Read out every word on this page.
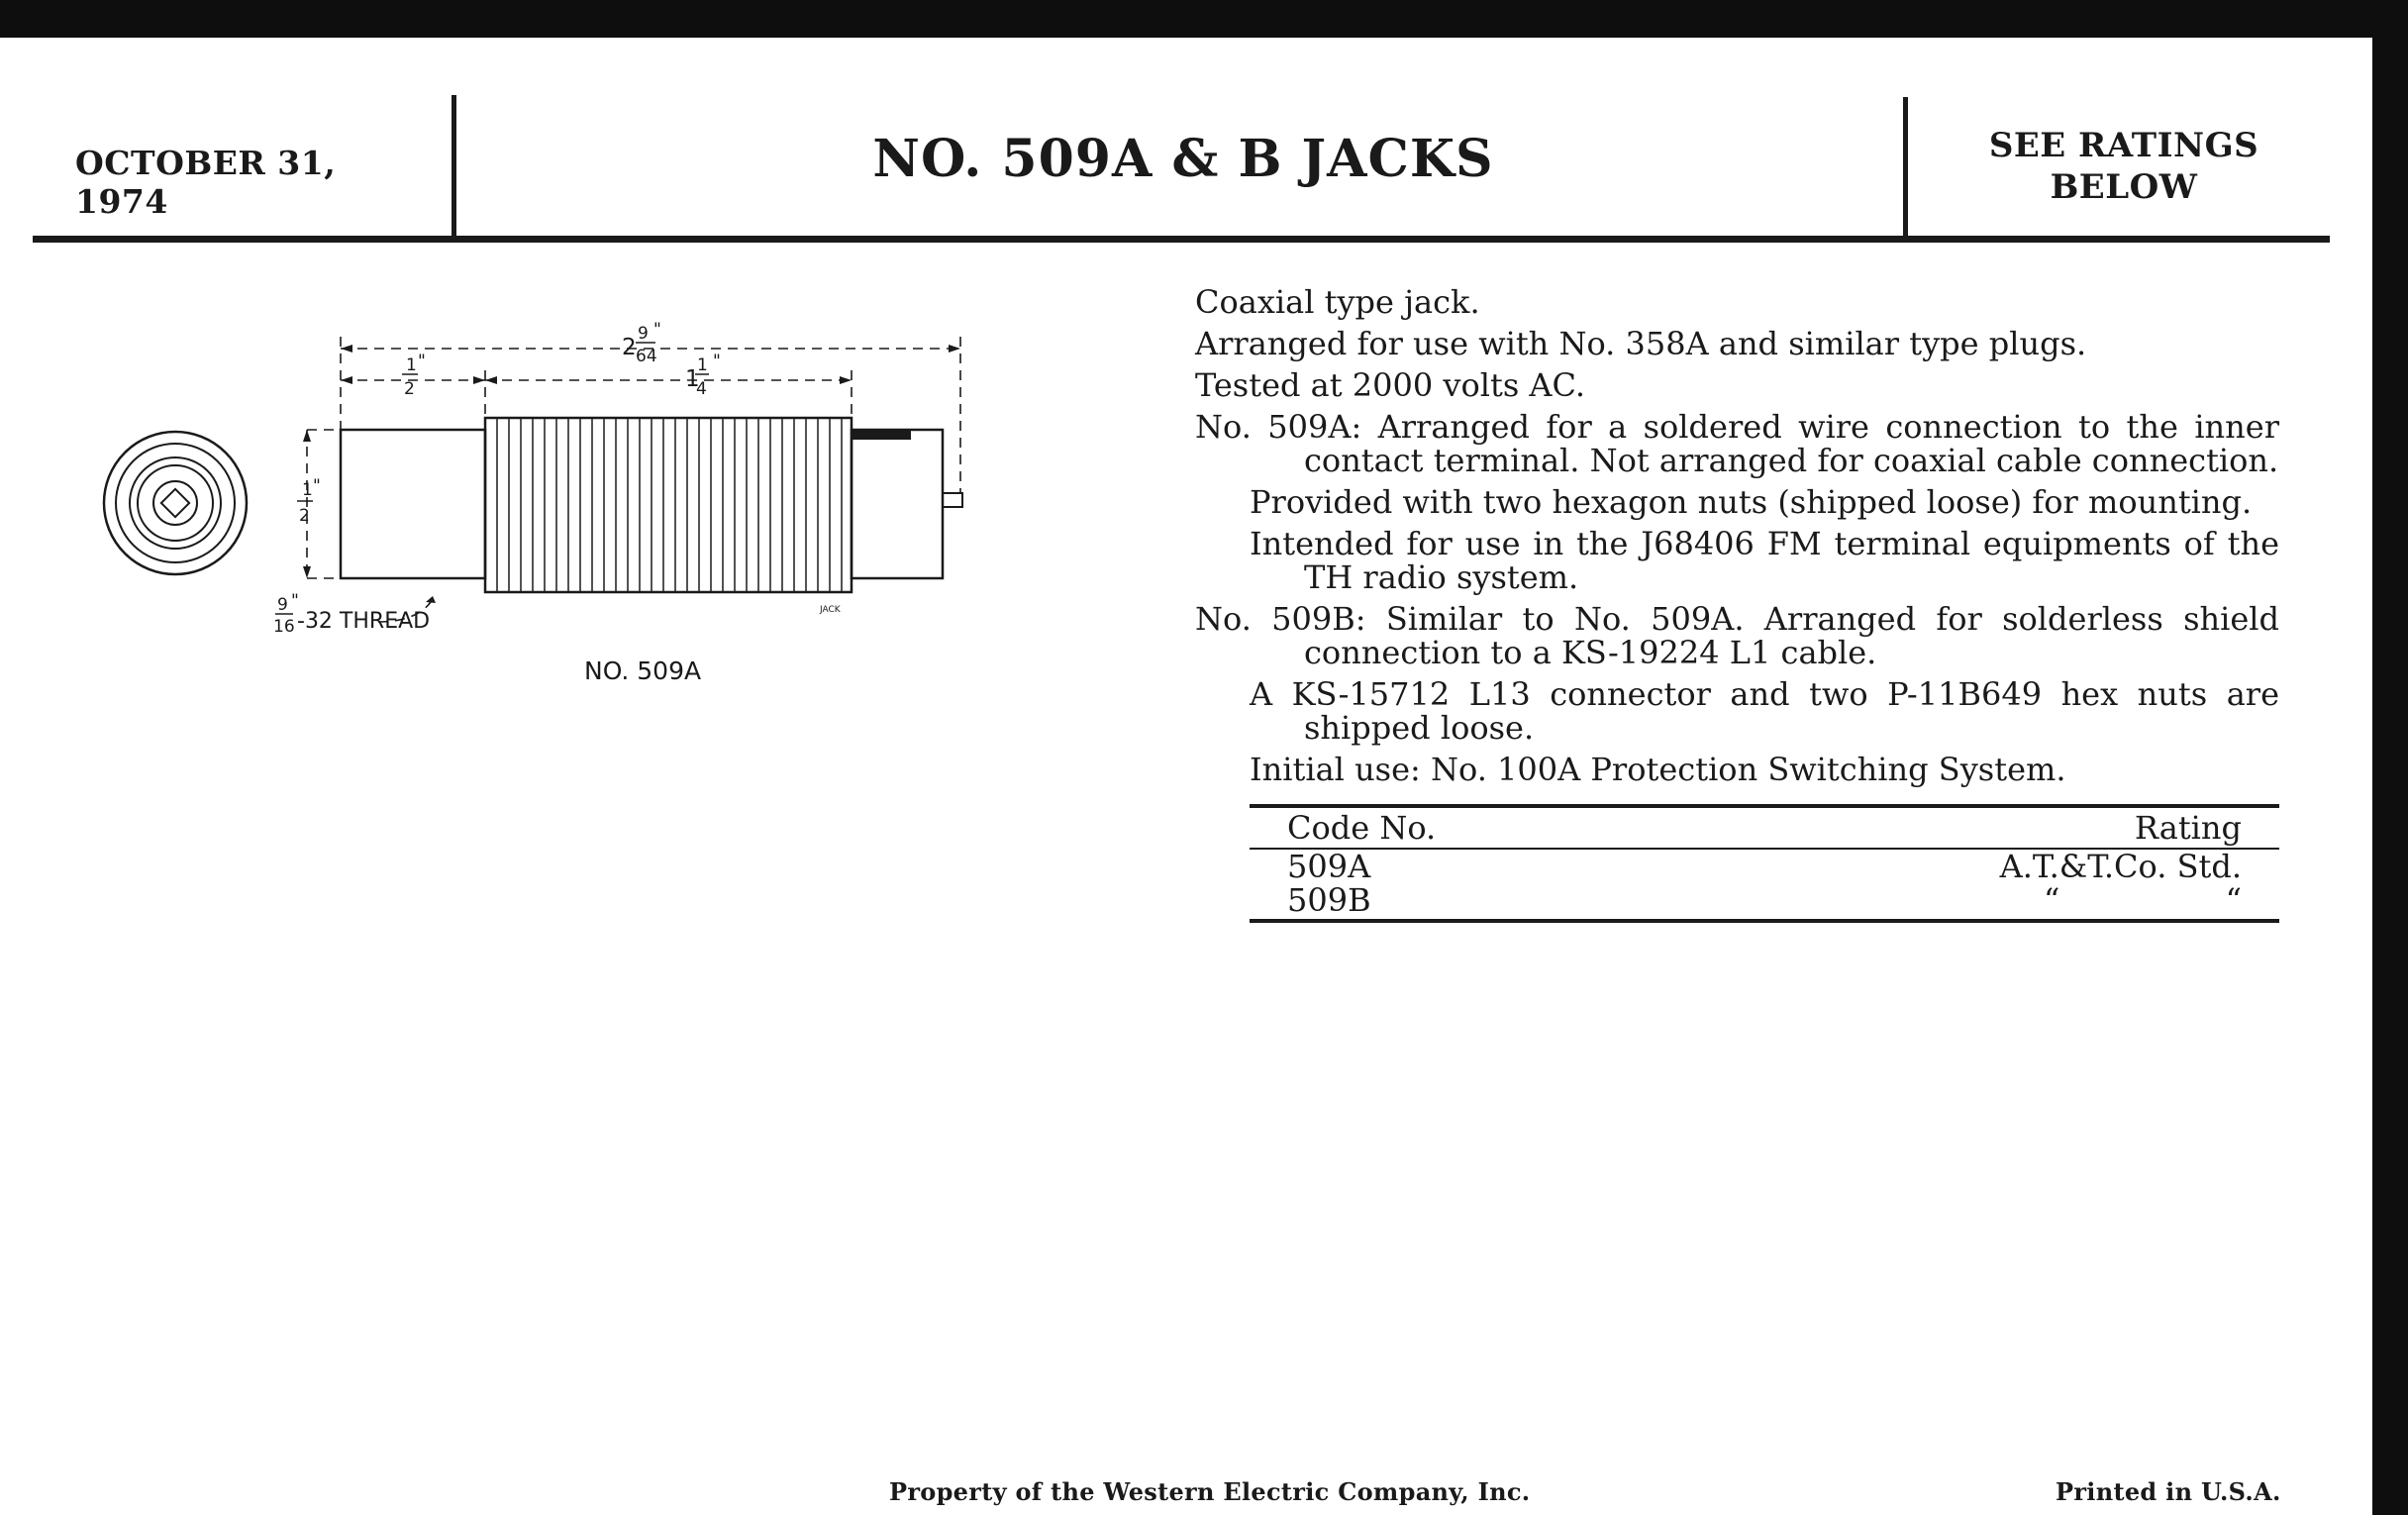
OCTOBER 31, 1974
NO. 509A & B JACKS	SEE RATINGS
BELOW
2
9
64
"
1
2
"
1
1
4
"
1
2
"
JACK
9
16
"
-32 THREAD
NO. 509A

Coaxial type jack.

Arranged for use with No. 358A and similar type plugs.

Tested at 2000 volts AC.

No. 509A: Arranged for a soldered wire connection to the inner contact terminal. Not arranged for coaxial cable connection.

Provided with two hexagon nuts (shipped loose) for mounting.

Intended for use in the J68406 FM terminal equipments of the TH radio system.

No. 509B: Similar to No. 509A. Arranged for solderless shield connection to a KS-19224 L1 cable.

A KS-15712 L13 connector and two P-11B649 hex nuts are shipped loose.

Initial use: No. 100A Protection Switching System.

Code No.	Rating
509A	A.T.&T.Co. Std.
509B	“ “
Property of the Western Electric Company, Inc.	Printed in U.S.A.
